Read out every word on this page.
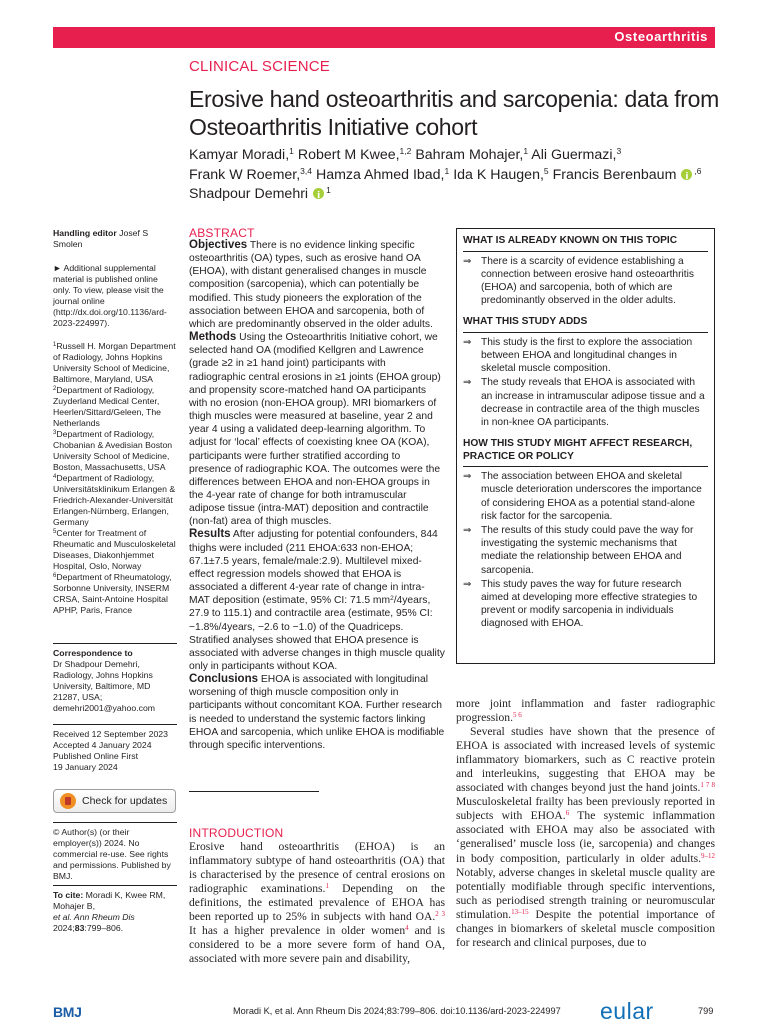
Osteoarthritis
CLINICAL SCIENCE
Erosive hand osteoarthritis and sarcopenia: data from Osteoarthritis Initiative cohort
Kamyar Moradi,$^1$ Robert M Kwee,$^{1,2}$ Bahram Mohajer,$^1$ Ali Guermazi,$^3$
Frank W Roemer,$^{3,4}$ Hamza Ahmed Ibad,$^1$ Ida K Haugen,$^5$ Francis Berenbaum i $^{,6}$
Shadpour Demehri i $^1$
Handling editor Josef S Smolen
► Additional supplemental material is published online only. To view, please visit the journal online (http://dx.doi.org/10.1136/ard-2023-224997).
$^1$Russell H. Morgan Department of Radiology, Johns Hopkins University School of Medicine, Baltimore, Maryland, USA
$^2$Department of Radiology, Zuyderland Medical Center, Heerlen/Sittard/Geleen, The Netherlands
$^3$Department of Radiology, Chobanian & Avedisian Boston University School of Medicine, Boston, Massachusetts, USA
$^4$Department of Radiology, Universitätsklinikum Erlangen & Friedrich-Alexander-Universität Erlangen-Nürnberg, Erlangen, Germany
$^5$Center for Treatment of Rheumatic and Musculoskeletal Diseases, Diakonhjemmet Hospital, Oslo, Norway
$^6$Department of Rheumatology, Sorbonne University, INSERM CRSA, Saint-Antoine Hospital APHP, Paris, France
Correspondence to
Dr Shadpour Demehri, Radiology, Johns Hopkins University, Baltimore, MD 21287, USA; demehri2001@yahoo.com
Received 12 September 2023
Accepted 4 January 2024
Published Online First
19 January 2024
Check for updates
© Author(s) (or their employer(s)) 2024. No commercial re-use. See rights and permissions. Published by BMJ.
To cite: Moradi K, Kwee RM, Mohajer B,
et al. Ann Rheum Dis
2024;83:799–806.
ABSTRACT
Objectives There is no evidence linking specific osteoarthritis (OA) types, such as erosive hand OA (EHOA), with distant generalised changes in muscle composition (sarcopenia), which can potentially be modified. This study pioneers the exploration of the association between EHOA and sarcopenia, both of which are predominantly observed in the older adults.
Methods Using the Osteoarthritis Initiative cohort, we selected hand OA (modified Kellgren and Lawrence (grade ≥2 in ≥1 hand joint) participants with radiographic central erosions in ≥1 joints (EHOA group) and propensity score-matched hand OA participants with no erosion (non-EHOA group). MRI biomarkers of thigh muscles were measured at baseline, year 2 and year 4 using a validated deep-learning algorithm. To adjust for ‘local’ effects of coexisting knee OA (KOA), participants were further stratified according to presence of radiographic KOA. The outcomes were the differences between EHOA and non-EHOA groups in the 4-year rate of change for both intramuscular adipose tissue (intra-MAT) deposition and contractile (non-fat) area of thigh muscles.
Results After adjusting for potential confounders, 844 thighs were included (211 EHOA:633 non-EHOA; 67.1±7.5 years, female/male:2.9). Multilevel mixed-effect regression models showed that EHOA is associated a different 4-year rate of change in intra-MAT deposition (estimate, 95% CI: 71.5 $mm^2/4years$, 27.9 to 115.1) and contractile area (estimate, 95% CI: −1.8%/4years, −2.6 to −1.0) of the Quadriceps. Stratified analyses showed that EHOA presence is associated with adverse changes in thigh muscle quality only in participants without KOA.
Conclusions EHOA is associated with longitudinal worsening of thigh muscle composition only in participants without concomitant KOA. Further research is needed to understand the systemic factors linking EHOA and sarcopenia, which unlike EHOA is modifiable through specific interventions.
WHAT IS ALREADY KNOWN ON THIS TOPIC
⇒ There is a scarcity of evidence establishing a connection between erosive hand osteoarthritis (EHOA) and sarcopenia, both of which are predominantly observed in the older adults.
WHAT THIS STUDY ADDS
⇒ This study is the first to explore the association between EHOA and longitudinal changes in skeletal muscle composition.
⇒ The study reveals that EHOA is associated with an increase in intramuscular adipose tissue and a decrease in contractile area of the thigh muscles in non-knee OA participants.
HOW THIS STUDY MIGHT AFFECT RESEARCH, PRACTICE OR POLICY
⇒ The association between EHOA and skeletal muscle deterioration underscores the importance of considering EHOA as a potential stand-alone risk factor for the sarcopenia.
⇒ The results of this study could pave the way for investigating the systemic mechanisms that mediate the relationship between EHOA and sarcopenia.
⇒ This study paves the way for future research aimed at developing more effective strategies to prevent or modify sarcopenia in individuals diagnosed with EHOA.
INTRODUCTION
Erosive hand osteoarthritis (EHOA) is an inflammatory subtype of hand osteoarthritis (OA) that is characterised by the presence of central erosions on radiographic examinations.$^1$ Depending on the definitions, the estimated prevalence of EHOA has been reported up to 25% in subjects with hand OA.$^{2 3}$ It has a higher prevalence in older women$^4$ and is considered to be a more severe form of hand OA, associated with more severe pain and disability,
more joint inflammation and faster radiographic progression.$^{5 6}$
Several studies have shown that the presence of EHOA is associated with increased levels of systemic inflammatory biomarkers, such as C reactive protein and interleukins, suggesting that EHOA may be associated with changes beyond just the hand joints.$^{1 7 8}$ Musculoskeletal frailty has been previously reported in subjects with EHOA.$^6$ The systemic inflammation associated with EHOA may also be associated with ‘generalised’ muscle loss (ie, sarcopenia) and changes in body composition, particularly in older adults.$^{9-12}$ Notably, adverse changes in skeletal muscle quality are potentially modifiable through specific interventions, such as periodised strength training or neuromuscular stimulation.$^{13-15}$ Despite the potential importance of changes in biomarkers of skeletal muscle composition for research and clinical purposes, due to
BMJ	Moradi K, et al. Ann Rheum Dis 2024;83:799–806. doi:10.1136/ard-2023-224997 eular	799
